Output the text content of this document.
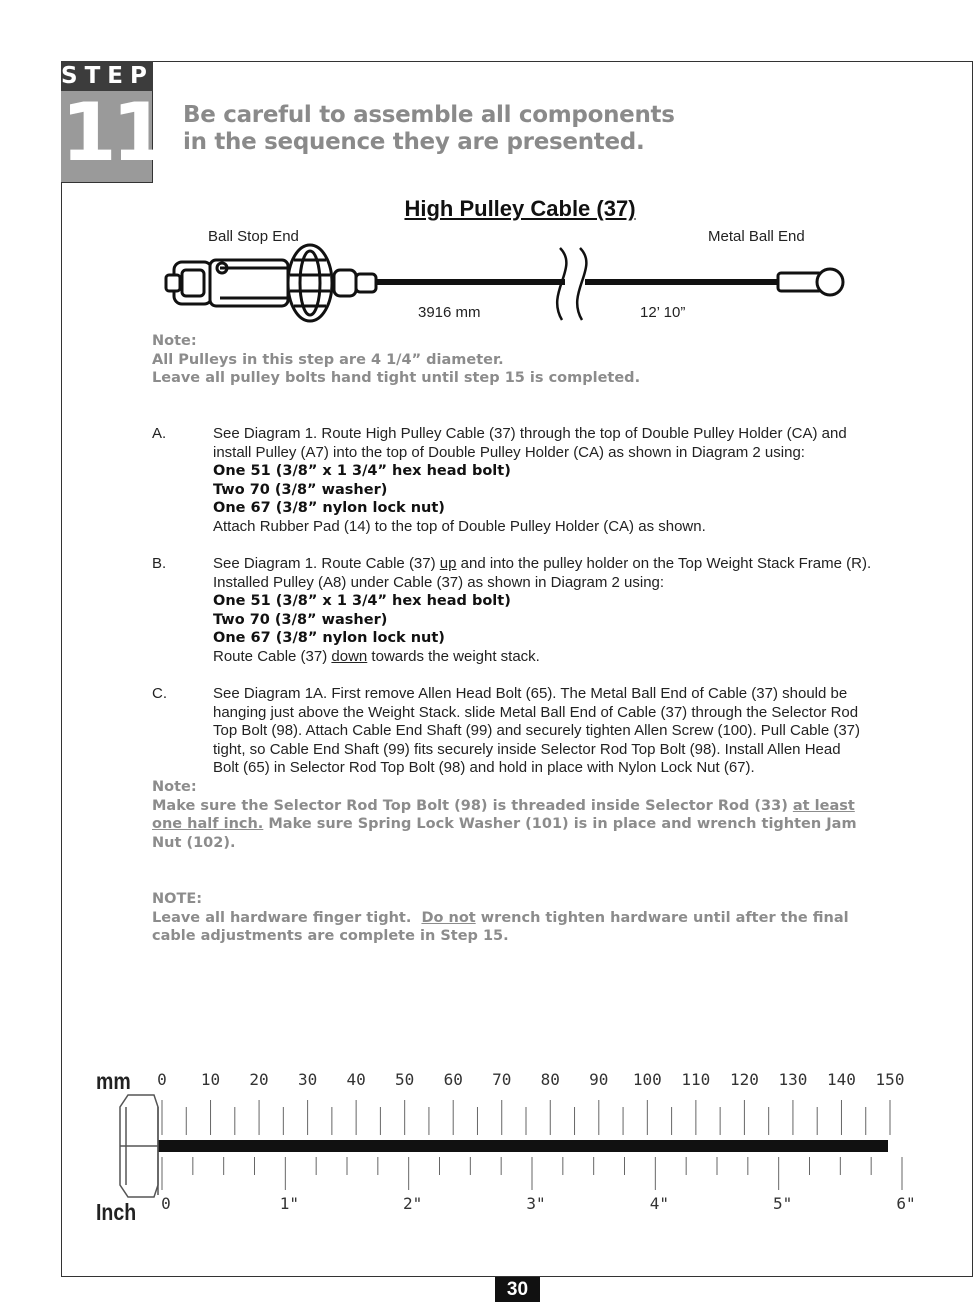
STEP
11 Be careful to assemble all components
in the sequence they are presented.
High Pulley Cable (37)
Ball Stop End	Metal Ball End
3916 mm	12’ 10”
Note:
All Pulleys in this step are 4 1/4” diameter.
Leave all pulley bolts hand tight until step 15 is completed.
A.	See Diagram 1. Route High Pulley Cable (37) through the top of Double Pulley Holder (CA) and
install Pulley (A7) into the top of Double Pulley Holder (CA) as shown in Diagram 2 using:
One 51 (3/8” x 1 3/4” hex head bolt)
Two 70 (3/8” washer)
One 67 (3/8” nylon lock nut)
Attach Rubber Pad (14) to the top of Double Pulley Holder (CA) as shown.
B.	See Diagram 1. Route Cable (37) up and into the pulley holder on the Top Weight Stack Frame (R).
Installed Pulley (A8) under Cable (37) as shown in Diagram 2 using:
One 51 (3/8” x 1 3/4” hex head bolt)
Two 70 (3/8” washer)
One 67 (3/8” nylon lock nut)
Route Cable (37) down towards the weight stack.
C.	See Diagram 1A. First remove Allen Head Bolt (65). The Metal Ball End of Cable (37) should be
hanging just above the Weight Stack. slide Metal Ball End of Cable (37) through the Selector Rod
Top Bolt (98). Attach Cable End Shaft (99) and securely tighten Allen Screw (100). Pull Cable (37)
tight, so Cable End Shaft (99) fits securely inside Selector Rod Top Bolt (98). Install Allen Head
Bolt (65) in Selector Rod Top Bolt (98) and hold in place with Nylon Lock Nut (67).
Note:
Make sure the Selector Rod Top Bolt (98) is threaded inside Selector Rod (33) at least
one half inch. Make sure Spring Lock Washer (101) is in place and wrench tighten Jam
Nut (102).
NOTE:
Leave all hardware finger tight.  Do not wrench tighten hardware until after the final
cable adjustments are complete in Step 15.
mm
Inch
0 10 20 30 40 50 60 70 80 90 100 110 120 130 140 150
0	1"	2"	3"	4"	5"	6"
30
